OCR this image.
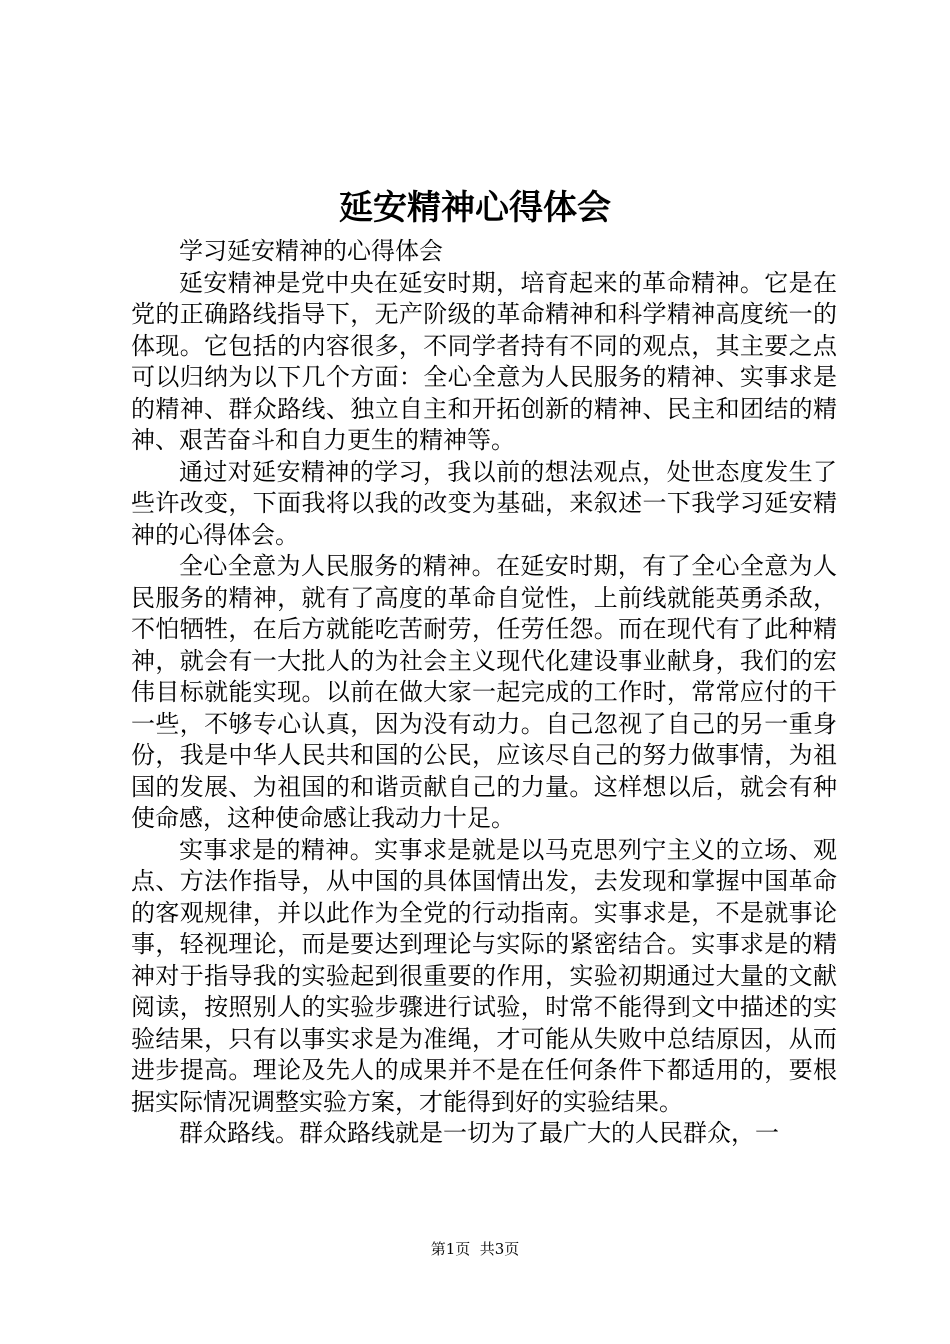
延安精神心得体会

学习延安精神的心得体会

延安精神是党中央在延安时期，培育起来的革命精神。它是在党的正确路线指导下，无产阶级的革命精神和科学精神高度统一的体现。它包括的内容很多，不同学者持有不同的观点，其主要之点可以归纳为以下几个方面：全心全意为人民服务的精神、实事求是的精神、群众路线、独立自主和开拓创新的精神、民主和团结的精神、艰苦奋斗和自力更生的精神等。

通过对延安精神的学习，我以前的想法观点，处世态度发生了些许改变，下面我将以我的改变为基础，来叙述一下我学习延安精神的心得体会。

全心全意为人民服务的精神。在延安时期，有了全心全意为人民服务的精神，就有了高度的革命自觉性，上前线就能英勇杀敌，不怕牺牲，在后方就能吃苦耐劳，任劳任怨。而在现代有了此种精神，就会有一大批人的为社会主义现代化建设事业献身，我们的宏伟目标就能实现。以前在做大家一起完成的工作时，常常应付的干一些，不够专心认真，因为没有动力。自己忽视了自己的另一重身份，我是中华人民共和国的公民，应该尽自己的努力做事情，为祖国的发展、为祖国的和谐贡献自己的力量。这样想以后，就会有种使命感，这种使命感让我动力十足。

实事求是的精神。实事求是就是以马克思列宁主义的立场、观点、方法作指导，从中国的具体国情出发，去发现和掌握中国革命的客观规律，并以此作为全党的行动指南。实事求是，不是就事论事，轻视理论，而是要达到理论与实际的紧密结合。实事求是的精神对于指导我的实验起到很重要的作用，实验初期通过大量的文献阅读，按照别人的实验步骤进行试验，时常不能得到文中描述的实验结果，只有以事实求是为准绳，才可能从失败中总结原因，从而进步提高。理论及先人的成果并不是在任何条件下都适用的，要根据实际情况调整实验方案，才能得到好的实验结果。

群众路线。群众路线就是一切为了最广大的人民群众，一

第1页  共3页
